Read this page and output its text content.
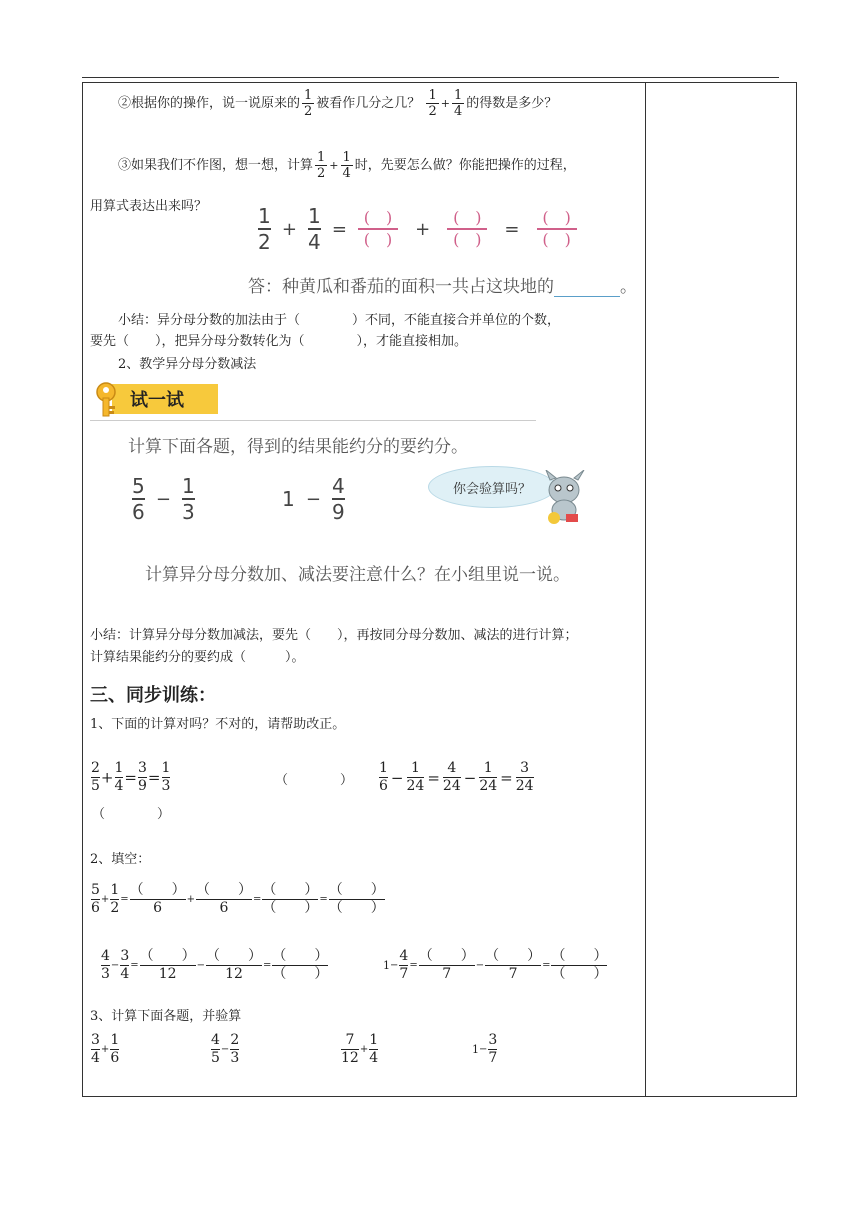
②根据你的操作，说一说原来的 $\frac{1}{2}$ 被看作几分之几？ $\frac{1}{2} + \frac{1}{4}$ 的得数是多少？
③如果我们不作图，想一想，计算 $\frac{1}{2} + \frac{1}{4}$ 时，先要怎么做？你能把操作的过程，
用算式表达出来吗？	$\frac{1}{2} + \frac{1}{4}$ =
(　)
(　) +
(　)
(　) =
(　)
(　)
答：种黄瓜和番茄的面积一共占这块地的	。
小结：异分母分数的加法由于（　　　　）不同，不能直接合并单位的个数，
要先（　　），把异分母分数转化为（　　　　），才能直接相加。
2、教学异分母分数减法
试一试
计算下面各题，得到的结果能约分的要约分。
$\frac{5}{6} - \frac{1}{3}$	$1 - \frac{4}{9}$	你会验算吗？
计算异分母分数加、减法要注意什么？在小组里说一说。
小结：计算异分母分数加减法，要先（　　），再按同分母分数加、减法的进行计算；
计算结果能约分的要约成（　　　）。
三、同步训练：
1、下面的计算对吗？不对的，请帮助改正。
$\frac{2}{5} + \frac{1}{4} = \frac{3}{9} = \frac{1}{3}$	（　　　　）
（　　　　）
$\frac{1}{6} - \frac{1}{24} = \frac{4}{24} - \frac{1}{24} = \frac{3}{24}$
2、填空：
$\frac{5}{6} + \frac{1}{2}$ =
（　　）
6
+
（　　）
6
=
（　　）
（　　）
=
（　　）
（　　）
$\frac{4}{3} - \frac{3}{4}$ =
（　　）
12
−
（　　）
12
=
（　　）
（　　）
$1- \frac{4}{7}$ =
（　　）
7
−
（　　）
7
=
（　　）
（　　）
3、计算下面各题，并验算
$\frac{3}{4} + \frac{1}{6}$	$\frac{4}{5} - \frac{2}{3}$	$\frac{7}{12} + \frac{1}{4}$	$1- \frac{3}{7}$
